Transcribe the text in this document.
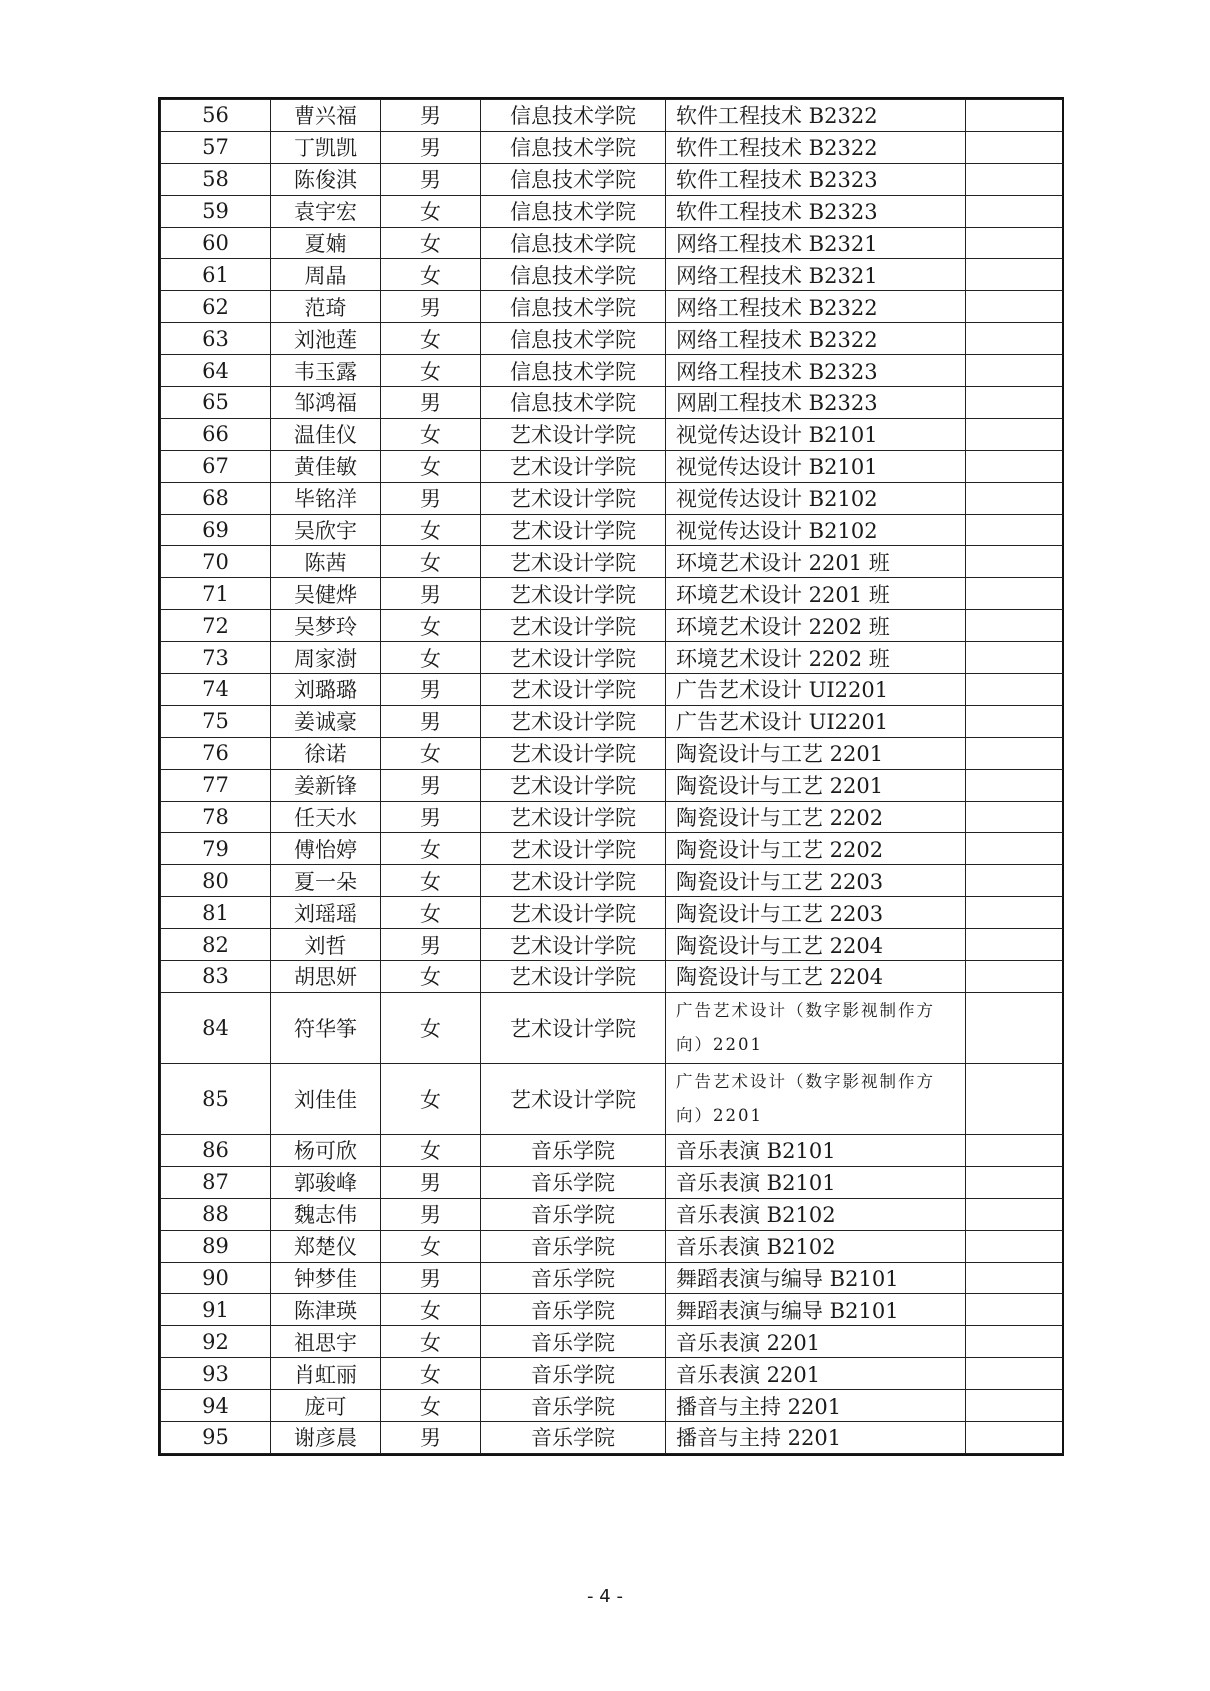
56	曹兴福	男	信息技术学院	软件工程技术 B2322	
57	丁凯凯	男	信息技术学院	软件工程技术 B2322	
58	陈俊淇	男	信息技术学院	软件工程技术 B2323	
59	袁宇宏	女	信息技术学院	软件工程技术 B2323	
60	夏婻	女	信息技术学院	网络工程技术 B2321	
61	周晶	女	信息技术学院	网络工程技术 B2321	
62	范琦	男	信息技术学院	网络工程技术 B2322	
63	刘池莲	女	信息技术学院	网络工程技术 B2322	
64	韦玉露	女	信息技术学院	网络工程技术 B2323	
65	邹鸿福	男	信息技术学院	网剧工程技术 B2323	
66	温佳仪	女	艺术设计学院	视觉传达设计 B2101	
67	黄佳敏	女	艺术设计学院	视觉传达设计 B2101	
68	毕铭洋	男	艺术设计学院	视觉传达设计 B2102	
69	吴欣宇	女	艺术设计学院	视觉传达设计 B2102	
70	陈茜	女	艺术设计学院	环境艺术设计 2201 班	
71	吴健烨	男	艺术设计学院	环境艺术设计 2201 班	
72	吴梦玲	女	艺术设计学院	环境艺术设计 2202 班	
73	周家澍	女	艺术设计学院	环境艺术设计 2202 班	
74	刘璐璐	男	艺术设计学院	广告艺术设计 UI2201	
75	姜诚豪	男	艺术设计学院	广告艺术设计 UI2201	
76	徐诺	女	艺术设计学院	陶瓷设计与工艺 2201	
77	姜新锋	男	艺术设计学院	陶瓷设计与工艺 2201	
78	任天水	男	艺术设计学院	陶瓷设计与工艺 2202	
79	傅怡婷	女	艺术设计学院	陶瓷设计与工艺 2202	
80	夏一朵	女	艺术设计学院	陶瓷设计与工艺 2203	
81	刘瑶瑶	女	艺术设计学院	陶瓷设计与工艺 2203	
82	刘哲	男	艺术设计学院	陶瓷设计与工艺 2204	
83	胡思妍	女	艺术设计学院	陶瓷设计与工艺 2204	
84	符华筝	女	艺术设计学院	广告艺术设计（数字影视制作方向）2201	
85	刘佳佳	女	艺术设计学院	广告艺术设计（数字影视制作方向）2201	
86	杨可欣	女	音乐学院	音乐表演 B2101	
87	郭骏峰	男	音乐学院	音乐表演 B2101	
88	魏志伟	男	音乐学院	音乐表演 B2102	
89	郑楚仪	女	音乐学院	音乐表演 B2102	
90	钟梦佳	男	音乐学院	舞蹈表演与编导 B2101	
91	陈津瑛	女	音乐学院	舞蹈表演与编导 B2101	
92	祖思宇	女	音乐学院	音乐表演 2201	
93	肖虹丽	女	音乐学院	音乐表演 2201	
94	庞可	女	音乐学院	播音与主持 2201	
95	谢彦晨	男	音乐学院	播音与主持 2201	
- 4 -
